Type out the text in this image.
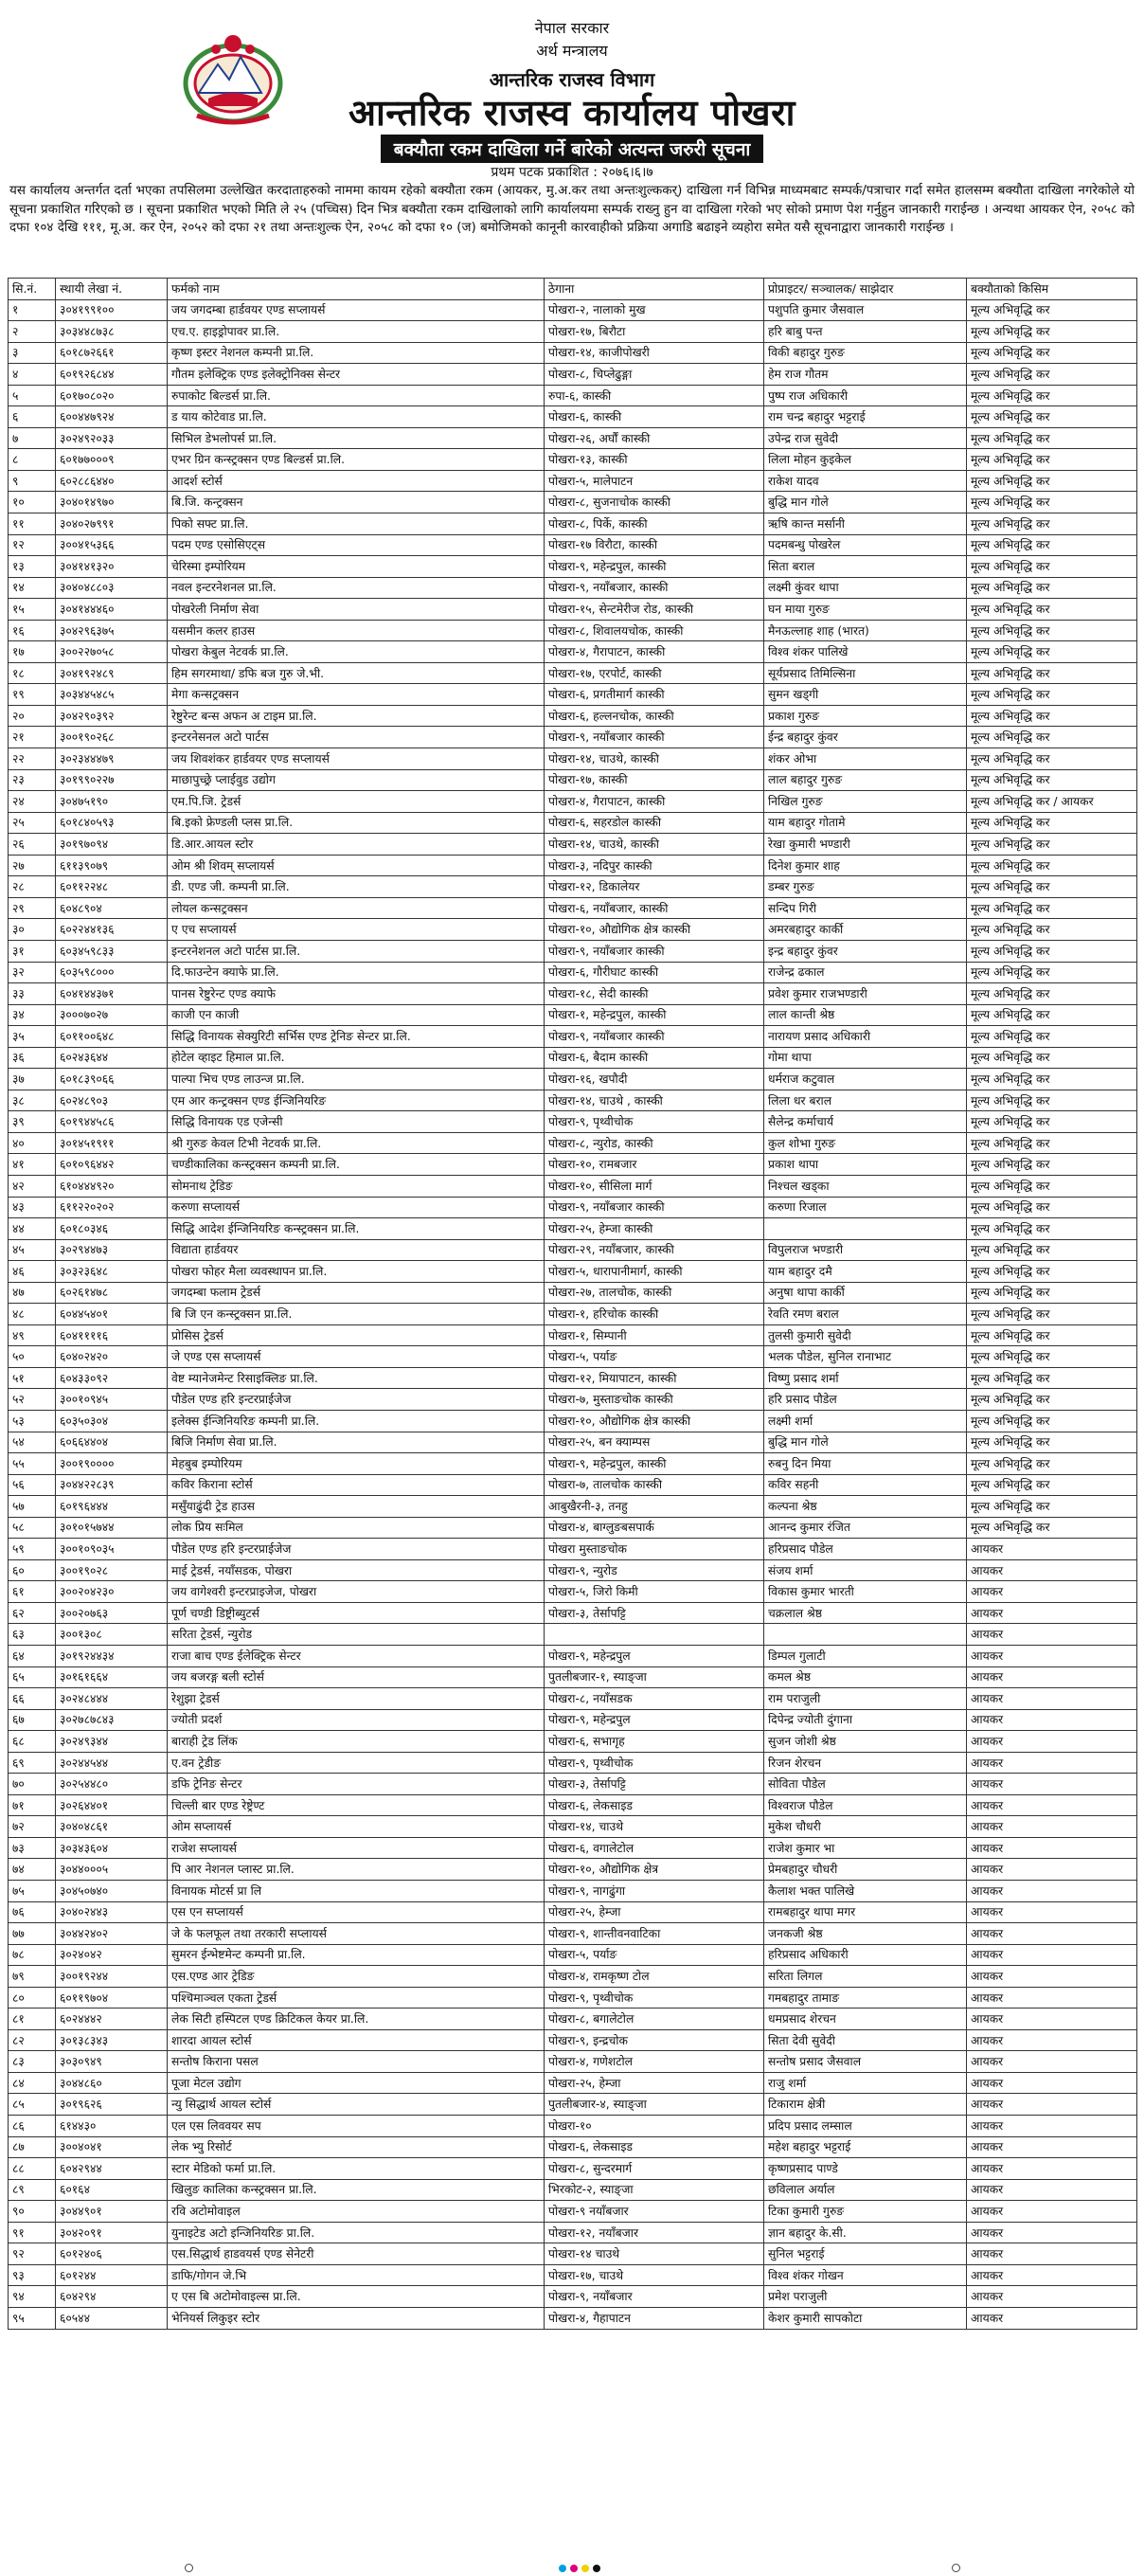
नेपाल सरकार
अर्थ मन्त्रालय
आन्तरिक राजस्व विभाग
आन्तरिक राजस्व कार्यालय पोखरा
बक्यौता रकम दाखिला गर्ने बारेको अत्यन्त जरुरी सूचना
प्रथम पटक प्रकाशित : २०७६।६।७
यस कार्यालय अन्तर्गत दर्ता भएका तपसिलमा उल्लेखित करदाताहरुको नाममा कायम रहेको बक्यौता रकम (आयकर, मु.अ.कर तथा अन्तःशुल्ककर्) दाखिला गर्न विभिन्न माध्यमबाट सम्पर्क/पत्राचार गर्दा समेत हालसम्म बक्यौता दाखिला नगरेकोले यो सूचना प्रकाशित गरिएको छ । सूचना प्रकाशित भएको मिति ले २५ (पच्चिस) दिन भित्र बक्यौता रकम दाखिलाको लागि कार्यालयमा सम्पर्क राख्नु हुन वा दाखिला गरेको भए सोको प्रमाण पेश गर्नुहुन जानकारी गराईन्छ । अन्यथा आयकर ऐन, २०५८ को दफा १०४ देखि १११, मू.अ. कर ऐन, २०५२ को दफा २१ तथा अन्तःशुल्क ऐन, २०५८ को दफा १० (ज) बमोजिमको कानूनी कारवाहीको प्रक्रिया अगाडि बढाइने व्यहोरा समेत यसै सूचनाद्वारा जानकारी गराईन्छ ।
सि.नं.	स्थायी लेखा नं.	फर्मको नाम	ठेगाना	प्रोप्राइटर/ सञ्चालक/ साझेदार	बक्यौताको किसिम
१	३०४१९९१००	जय जगदम्बा हार्डवयर एण्ड सप्लायर्स	पोखरा-२, नालाको मुख	पशुपति कुमार जैसवाल	मूल्य अभिवृद्धि कर
२	३०३४४८७३८	एच.ए. हाइड्रोपावर प्रा.लि.	पोखरा-१७, बिरौटा	हरि बाबु पन्त	मूल्य अभिवृद्धि कर
३	६०१८७२६६१	कृष्ण इस्टर नेशनल कम्पनी प्रा.लि.	पोखरा-१४, काजीपोखरी	विकी बहादुर गुरुङ	मूल्य अभिवृद्धि कर
४	६०१९२६८४४	गौतम इलेक्ट्रिक एण्ड इलेक्ट्रोनिक्स सेन्टर	पोखरा-८, चिप्लेढुङ्गा	हेम राज गौतम	मूल्य अभिवृद्धि कर
५	६०१७०८०२०	रुपाकोट बिल्डर्स प्रा.लि.	रुपा-६, कास्की	पुष्प राज अधिकारी	मूल्य अभिवृद्धि कर
६	६००४४७९२४	ड याय कोटेवाड प्रा.लि.	पोखरा-६, कास्की	राम चन्द्र बहादुर भट्टराई	मूल्य अभिवृद्धि कर
७	३०२४९२०३३	सिभिल डेभलोपर्स प्रा.लि.	पोखरा-२६, अर्घौं कास्की	उपेन्द्र राज सुवेदी	मूल्य अभिवृद्धि कर
८	६०१७७०००९	एभर ग्रिन कन्स्ट्रक्सन एण्ड बिल्डर्स प्रा.लि.	पोखरा-१३, कास्की	लिला मोहन कुइकेल	मूल्य अभिवृद्धि कर
९	६०२८८६४४०	आदर्श स्टोर्स	पोखरा-५, मालेपाटन	राकेश यादव	मूल्य अभिवृद्धि कर
१०	३०४०१४९७०	बि.जि. कन्ट्रक्सन	पोखरा-८, सुजनाचोक कास्की	बुद्धि मान गोले	मूल्य अभिवृद्धि कर
११	३०४०२७९९१	पिको सफ्ट प्रा.लि.	पोखरा-८, पिर्के, कास्की	ऋषि कान्त मर्सानी	मूल्य अभिवृद्धि कर
१२	३००४१५३६६	पदम एण्ड एसोसिएट्स	पोखरा-१७ विरौटा, कास्की	पदमबन्धु पोखरेल	मूल्य अभिवृद्धि कर
१३	३०४१४१३२०	चेरिस्मा इम्पोरियम	पोखरा-९, महेन्द्रपुल, कास्की	सिता बराल	मूल्य अभिवृद्धि कर
१४	३०४०४८८०३	नवल इन्टरनेशनल प्रा.लि.	पोखरा-९, नयाँबजार, कास्की	लक्ष्मी कुंवर थापा	मूल्य अभिवृद्धि कर
१५	३०४१४४४६०	पोखरेली निर्माण सेवा	पोखरा-१५, सेन्टमेरीज रोड, कास्की	घन माया गुरुङ	मूल्य अभिवृद्धि कर
१६	३०४२९६३७५	यसमीन कलर हाउस	पोखरा-८, शिवालयचोक, कास्की	मैनऊल्लाह शाह (भारत)	मूल्य अभिवृद्धि कर
१७	३००२२७०५८	पोखरा केबुल नेटवर्क प्रा.लि.	पोखरा-४, गैरापाटन, कास्की	विश्व शंकर पालिखे	मूल्य अभिवृद्धि कर
१८	३०४१९२४८९	हिम सगरमाथा/ डफि बज गुरु जे.भी.	पोखरा-१७, एरपोर्ट, कास्की	सूर्यप्रसाद तिमिल्सिना	मूल्य अभिवृद्धि कर
१९	३०३४४५४८५	मेगा कन्सट्रक्सन	पोखरा-६, प्रगतीमार्ग कास्की	सुमन खड्गी	मूल्य अभिवृद्धि कर
२०	३०४२९०३९२	रेष्टुरेन्ट बन्स अफन अ टाइम प्रा.लि.	पोखरा-६, हल्लनचोक, कास्की	प्रकाश गुरुङ	मूल्य अभिवृद्धि कर
२१	३००१९०२६८	इन्टरनेसनल अटो पार्टस	पोखरा-९, नयाँबजार कास्की	ईन्द्र बहादुर कुंवर	मूल्य अभिवृद्धि कर
२२	३०२३४४४७९	जय शिवशंकर हार्डवयर एण्ड सप्लायर्स	पोखरा-१४, चाउथे, कास्की	शंकर ओभा	मूल्य अभिवृद्धि कर
२३	३०१९९०२२७	माछापुच्छ्रे प्लाईवुड उद्योग	पोखरा-१७, कास्की	लाल बहादुर गुरुङ	मूल्य अभिवृद्धि कर
२४	३०४७५१९०	एम.पि.जि. ट्रेडर्स	पोखरा-४, गैरापाटन, कास्की	निखिल गुरुङ	मूल्य अभिवृद्धि कर / आयकर
२५	६०१८४०५९३	बि.इको फ्रेण्डली प्लस प्रा.लि.	पोखरा-६, सहरडोल कास्की	याम बहादुर गोतामे	मूल्य अभिवृद्धि कर
२६	३०१९७०९४	डि.आर.आयल स्टोर	पोखरा-१४, चाउथे, कास्की	रेखा कुमारी भण्डारी	मूल्य अभिवृद्धि कर
२७	६११३९०७९	ओम श्री शिवम् सप्लायर्स	पोखरा-३, नदिपुर कास्की	दिनेश कुमार शाह	मूल्य अभिवृद्धि कर
२८	६०११२२४८	डी. एण्ड जी. कम्पनी प्रा.लि.	पोखरा-१२, डिकालेयर	डम्बर गुरुङ	मूल्य अभिवृद्धि कर
२९	६०४८९०४	लोयल कन्सट्रक्सन	पोखरा-६, नयाँबजार, कास्की	सन्दिप गिरी	मूल्य अभिवृद्धि कर
३०	६०२२४४१३६	ए एच सप्लायर्स	पोखरा-१०, औद्योगिक क्षेत्र कास्की	अमरबहादुर कार्की	मूल्य अभिवृद्धि कर
३१	६०३४५९८३३	इन्टरनेशनल अटो पार्टस प्रा.लि.	पोखरा-९, नयाँबजार कास्की	इन्द्र बहादुर कुंवर	मूल्य अभिवृद्धि कर
३२	६०३५९८०००	दि.फाउन्टेन क्याफे प्रा.लि.	पोखरा-६, गौरीघाट कास्की	राजेन्द्र ढकाल	मूल्य अभिवृद्धि कर
३३	६०४१४४३७१	पानस रेष्टुरेन्ट एण्ड क्याफे	पोखरा-१८, सेदी कास्की	प्रवेश कुमार राजभण्डारी	मूल्य अभिवृद्धि कर
३४	३०००७०२७	काजी एन काजी	पोखरा-१, महेन्द्रपुल, कास्की	लाल कान्ती श्रेष्ठ	मूल्य अभिवृद्धि कर
३५	६०११००६४८	सिद्धि विनायक सेक्युरिटी सर्भिस एण्ड ट्रेनिङ सेन्टर प्रा.लि.	पोखरा-९, नयाँबजार कास्की	नारायण प्रसाद अधिकारी	मूल्य अभिवृद्धि कर
३६	६०२४३६४४	होटेल व्हाइट हिमाल प्रा.लि.	पोखरा-६, बैदाम कास्की	गोमा थापा	मूल्य अभिवृद्धि कर
३७	६०१८३९०६६	पाल्पा भिच एण्ड लाउन्ज प्रा.लि.	पोखरा-१६, खपौदी	धर्मराज कटुवाल	मूल्य अभिवृद्धि कर
३८	६०२४८९०३	एम आर कन्ट्रक्सन एण्ड ईन्जिनियरिङ	पोखरा-१४, चाउथे , कास्की	लिला धर बराल	मूल्य अभिवृद्धि कर
३९	६०१९४४५८६	सिद्धि विनायक एड एजेन्सी	पोखरा-९, पृथ्वीचोक	सैलेन्द्र कर्माचार्य	मूल्य अभिवृद्धि कर
४०	३०१४५१९११	श्री गुरुङ केवल टिभी नेटवर्क प्रा.लि.	पोखरा-८, न्युरोड, कास्की	कुल शोभा गुरुङ	मूल्य अभिवृद्धि कर
४१	६०१०९६४४२	चण्डीकालिका कन्स्ट्रक्सन कम्पनी प्रा.लि.	पोखरा-१०, रामबजार	प्रकाश थापा	मूल्य अभिवृद्धि कर
४२	६१०४४४९२०	सोमनाथ ट्रेडिङ	पोखरा-१०, सीसिला मार्ग	निश्चल खड्का	मूल्य अभिवृद्धि कर
४३	६११२२०२०२	करुणा सप्लायर्स	पोखरा-९, नयाँबजार कास्की	करुणा रिजाल	मूल्य अभिवृद्धि कर
४४	६०१८०३४६	सिद्धि आदेश ईन्जिनियरिङ कन्स्ट्रक्सन प्रा.लि.	पोखरा-२५, हेम्जा कास्की		मूल्य अभिवृद्धि कर
४५	३०२९४४७३	विद्याता हार्डवयर	पोखरा-२९, नयाँबजार, कास्की	विपुलराज भण्डारी	मूल्य अभिवृद्धि कर
४६	३०३२३६४८	पोखरा फोहर मैला व्यवस्थापन प्रा.लि.	पोखरा-५, धारापानीमार्ग, कास्की	याम बहादुर दमै	मूल्य अभिवृद्धि कर
४७	६०२६१४७८	जगदम्बा फलाम ट्रेडर्स	पोखरा-२७, तालचोक, कास्की	अनुषा थापा कार्की	मूल्य अभिवृद्धि कर
४८	६०४४५४०१	बि जि एन कन्स्ट्रक्सन प्रा.लि.	पोखरा-१, हरिचोक कास्की	रेवति रमण बराल	मूल्य अभिवृद्धि कर
४९	६०४११११६	प्रोसिस ट्रेडर्स	पोखरा-१, सिम्पानी	तुलसी कुमारी सुवेदी	मूल्य अभिवृद्धि कर
५०	६०४०२४२०	जे एण्ड एस सप्लायर्स	पोखरा-५, पर्याङ	भलक पौडेल, सुनिल रानाभाट	मूल्य अभिवृद्धि कर
५१	६०४३३०९२	वेष्ट म्यानेजमेन्ट रिसाइक्लिङ प्रा.लि.	पोखरा-१२, मियापाटन, कास्की	विष्णु प्रसाद शर्मा	मूल्य अभिवृद्धि कर
५२	३००१०९४५	पौडेल एण्ड हरि इन्टरप्राईजेज	पोखरा-७, मुस्ताङचोक कास्की	हरि प्रसाद पौडेल	मूल्य अभिवृद्धि कर
५३	६०३५०३०४	इलेक्स ईन्जिनियरिङ कम्पनी प्रा.लि.	पोखरा-१०, औद्योगिक क्षेत्र कास्की	लक्ष्मी शर्मा	मूल्य अभिवृद्धि कर
५४	६०६६४४०४	बिजि निर्माण सेवा प्रा.लि.	पोखरा-२५, बन क्याम्पस	बुद्धि मान गोले	मूल्य अभिवृद्धि कर
५५	३००१९००००	मेहबुब इम्पोरियम	पोखरा-९, महेन्द्रपुल, कास्की	रुबनु दिन मिया	मूल्य अभिवृद्धि कर
५६	३०४४२२८३९	कविर किराना स्टोर्स	पोखरा-७, तालचोक कास्की	कविर सहनी	मूल्य अभिवृद्धि कर
५७	६०१९६४४४	मसुँयाढुंदी ट्रेड हाउस	आबुखैरनी-३, तनहु	कल्पना श्रेष्ठ	मूल्य अभिवृद्धि कर
५८	३०१०१५७४४	लोक प्रिय सःमिल	पोखरा-४, बाग्लुङबसपार्क	आनन्द कुमार रंजित	मूल्य अभिवृद्धि कर
५९	३००१०९०३५	पौडेल एण्ड हरि इन्टरप्राईजेज	पोखरा मुस्ताङचोक	हरिप्रसाद पौडेल	आयकर
६०	३००१९०२८	माई ट्रेडर्स, नयाँसडक, पोखरा	पोखरा-९, न्युरोड	संजय शर्मा	आयकर
६१	३००२०४२३०	जय वागेश्वरी इन्टरप्राइजेज, पोखरा	पोखरा-५, जिरो किमी	विकास कुमार भारती	आयकर
६२	३००२०७६३	पूर्ण चण्डी डिष्ट्रीब्युटर्स	पोखरा-३, तेर्सापट्टि	चक्रलाल श्रेष्ठ	आयकर
६३	३००१३०८	सरिता ट्रेडर्स, न्युरोड			आयकर
६४	३०१९२४४३४	राजा बाच एण्ड ईलेक्ट्रिक सेन्टर	पोखरा-९, महेन्द्रपुल	डिम्पल गुलाटी	आयकर
६५	३०१६१६६४	जय बजरङ्ग बली स्टोर्स	पुतलीबजार-१, स्याङ्जा	कमल श्रेष्ठ	आयकर
६६	३०२४८४४४	रेशुझा ट्रेडर्स	पोखरा-८, नयाँसडक	राम पराजुली	आयकर
६७	३०२७८७८४३	ज्योती प्रदर्श	पोखरा-९, महेन्द्रपुल	दिपेन्द्र ज्योती दुंगाना	आयकर
६८	३०२४९३४४	बाराही ट्रेड लिंक	पोखरा-६, सभागृह	सुजन जोशी श्रेष्ठ	आयकर
६९	३०२४४५४४	ए.वन ट्रेडीङ	पोखरा-९, पृथ्वीचोक	रिजन शेरचन	आयकर
७०	३०२५४४८०	डफि ट्रेनिङ सेन्टर	पोखरा-३, तेर्सापट्टि	सोविता पौडेल	आयकर
७१	३०२६४४०१	चिल्ली बार एण्ड रेष्ट्रेण्ट	पोखरा-६, लेकसाइड	विश्वराज पौडेल	आयकर
७२	३०४०४८६१	ओम सप्लायर्स	पोखरा-१४, चाउथे	मुकेश चौधरी	आयकर
७३	३०३४३६०४	राजेश सप्लायर्स	पोखरा-६, वगालेटोल	राजेश कुमार भा	आयकर
७४	३०४४०००५	पि आर नेशनल प्लास्ट प्रा.लि.	पोखरा-१०, औद्योगिक क्षेत्र	प्रेमबहादुर चौधरी	आयकर
७५	३०४५०७४०	विनायक मोटर्स प्रा लि	पोखरा-९, नागढुंगा	कैलाश भक्त पालिखे	आयकर
७६	३०४०२४४३	एस एन सप्लायर्स	पोखरा-२५, हेम्जा	रामबहादुर थापा मगर	आयकर
७७	३०४४२४०२	जे के फलफूल तथा तरकारी सप्लायर्स	पोखरा-९, शान्तीवनवाटिका	जनकजी श्रेष्ठ	आयकर
७८	३०२४०४२	सुमरन ईन्भेष्टमेन्ट कम्पनी प्रा.लि.	पोखरा-५, पर्याङ	हरिप्रसाद अधिकारी	आयकर
७९	३००१९२४४	एस.एण्ड आर ट्रेडिङ	पोखरा-४, रामकृष्ण टोल	सरिता लिगल	आयकर
८०	६०११९७०४	पश्चिमाञ्चल एकता ट्रेडर्स	पोखरा-९, पृथ्वीचोक	गमबहादुर तामाङ	आयकर
८१	६०२४४४२	लेक सिटी हस्पिटल एण्ड क्रिटिकल केयर प्रा.लि.	पोखरा-८, बगालेटोल	धमप्रसाद शेरचन	आयकर
८२	३०१३८३४३	शारदा आयल स्टोर्स	पोखरा-९, इन्द्रचोक	सिता देवी सुवेदी	आयकर
८३	३०३०९४९	सन्तोष किराना पसल	पोखरा-४, गणेशटोल	सन्तोष प्रसाद जैसवाल	आयकर
८४	३०४४८६०	पूजा मेटल उद्योग	पोखरा-२५, हेम्जा	राजु शर्मा	आयकर
८५	३०१९६२६	न्यु सिद्धार्थ आयल स्टोर्स	पुतलीबजार-४, स्याङ्जा	टिकाराम क्षेत्री	आयकर
८६	६१४४३०	एल एस लिववयर सप	पोखरा-१०	प्रदिप प्रसाद लम्साल	आयकर
८७	३००४०४१	लेक भ्यु रिसोर्ट	पोखरा-६, लेकसाइड	महेश बहादुर भट्टराई	आयकर
८८	६०४२९४४	स्टार मेडिको फर्मा प्रा.लि.	पोखरा-८, सुन्दरमार्ग	कृष्णप्रसाद पाण्डे	आयकर
८९	६०१६४	खिलुङ कालिका कन्स्ट्रक्सन प्रा.लि.	भिरकोट-२, स्याङ्जा	छविलाल अर्याल	आयकर
९०	३०४४९०१	रवि अटोमोवाइल	पोखरा-९ नयाँबजार	टिका कुमारी गुरुङ	आयकर
९१	३०४२०९१	युनाइटेड अटो इन्जिनियरिङ प्रा.लि.	पोखरा-१२, नयाँबजार	ज्ञान बहादुर के.सी.	आयकर
९२	६०१२४०६	एस.सिद्धार्थ हाडवयर्स एण्ड सेनेटरी	पोखरा-१४ चाउथे	सुनिल भट्टराई	आयकर
९३	६०१२४४	डाफि/गोगन जे.भि	पोखरा-१७, चाउथे	विश्व शंकर गोखन	आयकर
९४	६०४२९४	ए एस बि अटोमोवाइल्स प्रा.लि.	पोखरा-९, नयाँबजार	प्रमेश पराजुली	आयकर
९५	६०५४४	भेनियर्स लिकुइर स्टोर	पोखरा-४, गैहापाटन	केशर कुमारी सापकोटा	आयकर
